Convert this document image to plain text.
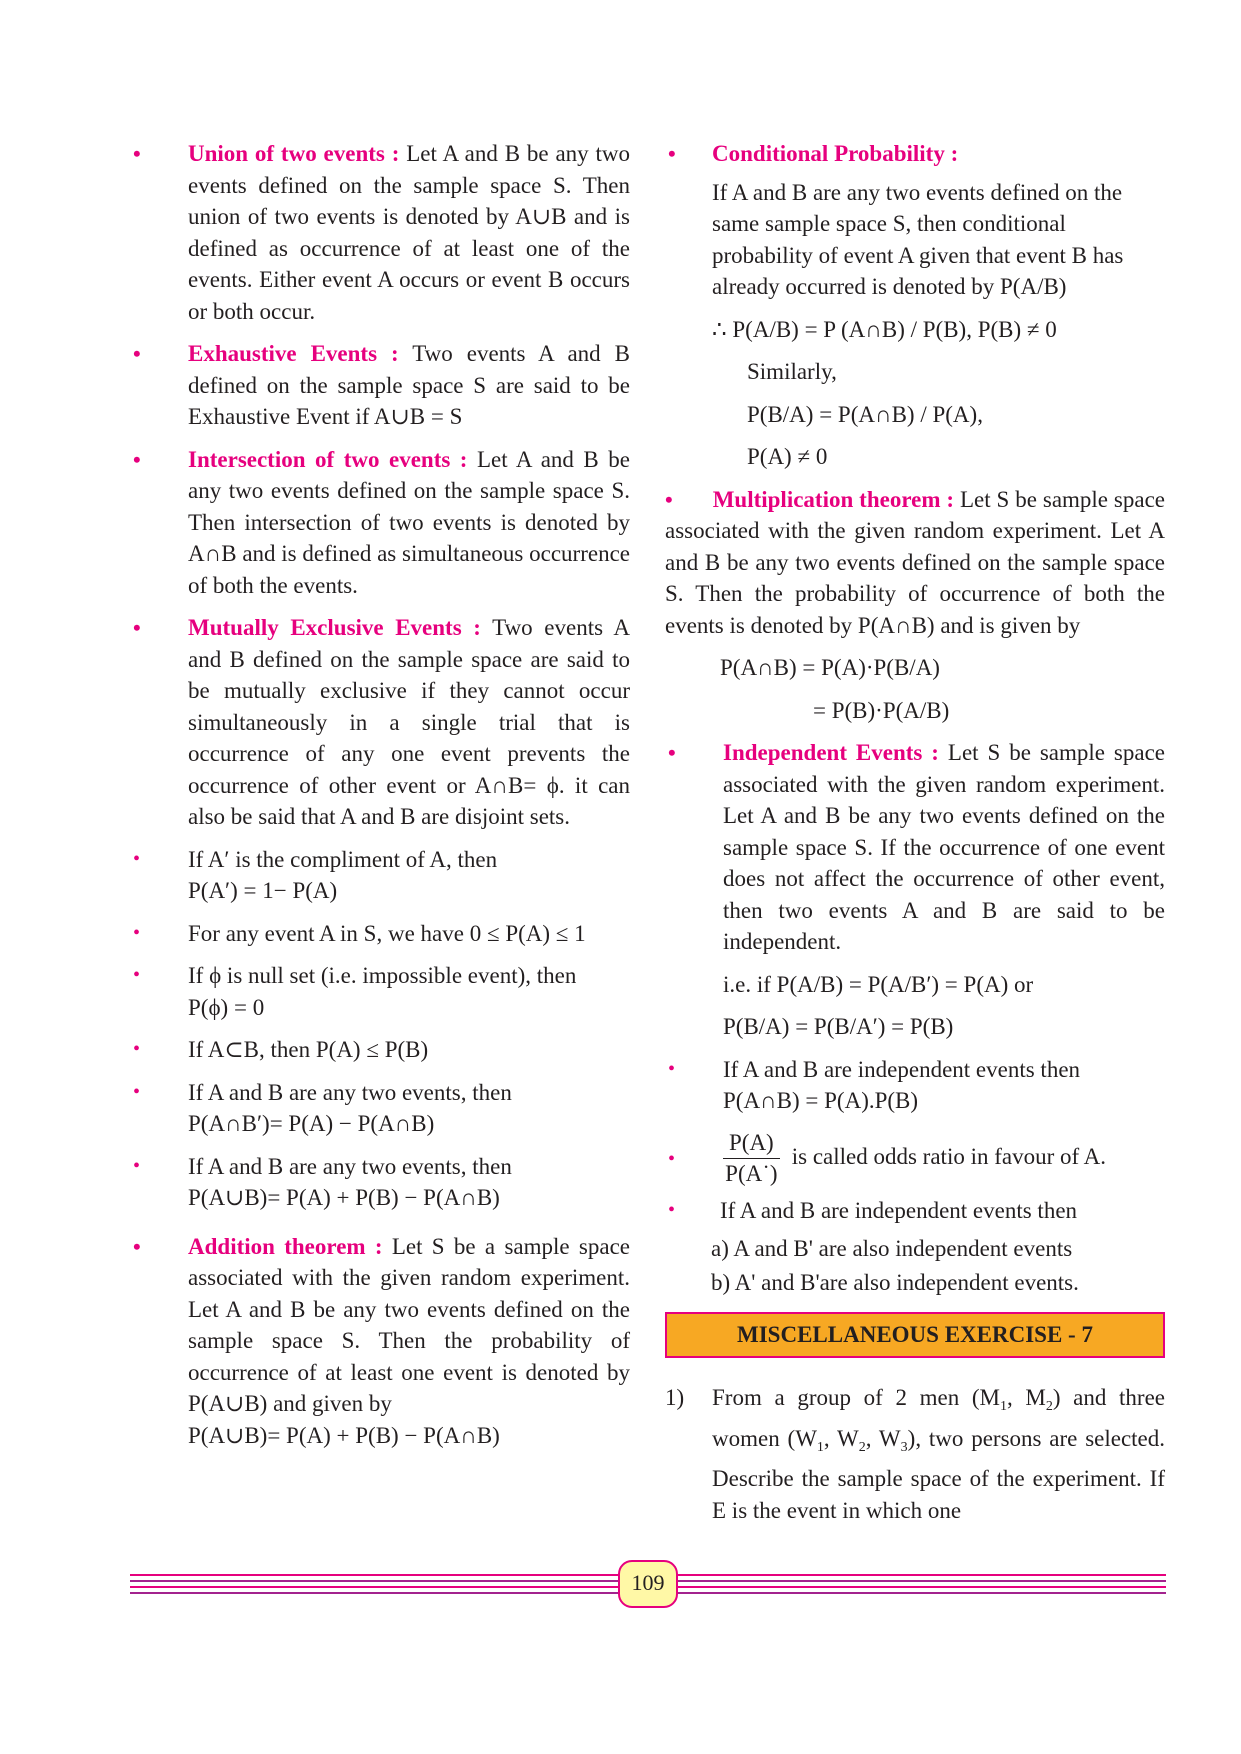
• Union of two events : Let A and B be any two events defined on the sample space S. Then union of two events is denoted by A∪B and is defined as occurrence of at least one of the events. Either event A occurs or event B occurs or both occur.
• Exhaustive Events : Two events A and B defined on the sample space S are said to be Exhaustive Event if A∪B = S
• Intersection of two events : Let A and B be any two events defined on the sample space S. Then intersection of two events is denoted by A∩B and is defined as simultaneous occurrence of both the events.
• Mutually Exclusive Events : Two events A and B defined on the sample space are said to be mutually exclusive if they cannot occur simultaneously in a single trial that is occurrence of any one event prevents the occurrence of other event or A∩B= ϕ. it can also be said that A and B are disjoint sets.
• If A′ is the compliment of A, then
P(A′) = 1− P(A)
• For any event A in S, we have 0 ≤ P(A) ≤ 1
• If ϕ is null set (i.e. impossible event), then
P(ϕ) = 0
• If A⊂B, then P(A) ≤ P(B)
• If A and B are any two events, then
P(A∩B′)= P(A) − P(A∩B)
• If A and B are any two events, then
P(A∪B)= P(A) + P(B) − P(A∩B)
• Addition theorem : Let S be a sample space associated with the given random experiment. Let A and B be any two events defined on the sample space S. Then the probability of occurrence of at least one event is denoted by P(A∪B) and given by
P(A∪B)= P(A) + P(B) − P(A∩B)
• Conditional Probability :
If A and B are any two events defined on the same sample space S, then conditional probability of event A given that event B has already occurred is denoted by P(A/B)
∴ P(A/B) = P (A∩B) / P(B), P(B) ≠ 0
Similarly,
P(B/A) = P(A∩B) / P(A),
P(A) ≠ 0
• Multiplication theorem : Let S be sample space associated with the given random experiment. Let A and B be any two events defined on the sample space S. Then the probability of occurrence of both the events is denoted by P(A∩B) and is given by
P(A∩B) = P(A)·P(B/A)
= P(B)·P(A/B)
• Independent Events : Let S be sample space associated with the given random experiment. Let A and B be any two events defined on the sample space S. If the occurrence of one event does not affect the occurrence of other event, then two events A and B are said to be independent.
i.e. if P(A/B) = P(A/B′) = P(A) or
P(B/A) = P(B/A′) = P(B)
• If A and B are independent events then
P(A∩B) = P(A).P(B)
• $\frac{P(A)}{P(A˙)}$ is called odds ratio in favour of A.
• If A and B are independent events then
a) A and B' are also independent events
b) A' and B'are also independent events.
MISCELLANEOUS EXERCISE - 7
1) From a group of 2 men ($M_1$, $M_2$) and three women ($W_1$, $W_2$, $W_3$), two persons are selected. Describe the sample space of the experiment. If E is the event in which one
109
